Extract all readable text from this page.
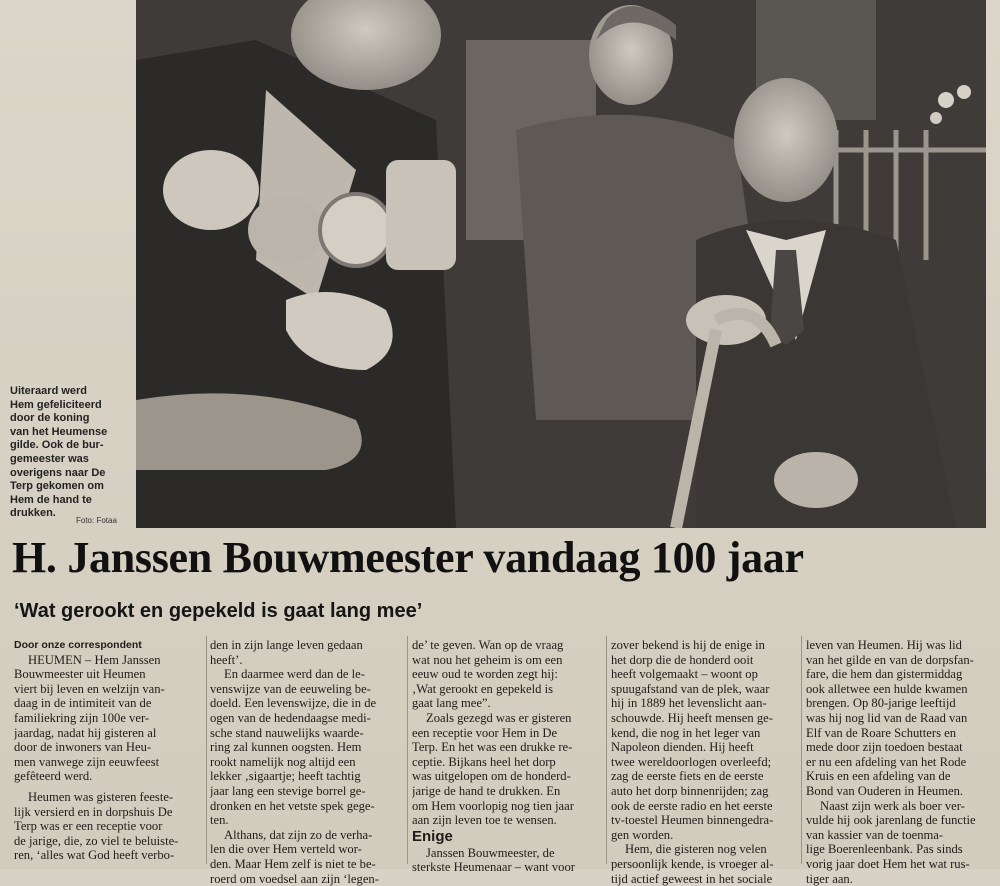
Uiteraard werd
Hem gefeliciteerd
door de koning
van het Heumense
gilde. Ook de bur-
gemeester was
overigens naar De
Terp gekomen om
Hem de hand te
drukken.
Foto: Fotaa
H. Janssen Bouwmeester vandaag 100 jaar
‘Wat gerookt en gepekeld is gaat lang mee’
Door onze correspondent
HEUMEN – Hem Janssen
Bouwmeester uit Heumen
viert bij leven en welzijn van-
daag in de intimiteit van de
familiekring zijn 100e ver-
jaardag, nadat hij gisteren al
door de inwoners van Heu-
men vanwege zijn eeuwfeest
gefêteerd werd.
Heumen was gisteren feeste-
lijk versierd en in dorpshuis De
Terp was er een receptie voor
de jarige, die, zo viel te beluiste-
ren, ‘alles wat God heeft verbo-
den in zijn lange leven gedaan
heeft’.
En daarmee werd dan de le-
venswijze van de eeuweling be-
doeld. Een levenswijze, die in de
ogen van de hedendaagse medi-
sche stand nauwelijks waarde-
ring zal kunnen oogsten. Hem
rookt namelijk nog altijd een
lekker ‚sigaartje; heeft tachtig
jaar lang een stevige borrel ge-
dronken en het vetste spek gege-
ten.
Althans, dat zijn zo de verha-
len die over Hem verteld wor-
den. Maar Hem zelf is niet te be-
roerd om voedsel aan zijn ‘legen-
de’ te geven. Wan op de vraag
wat nou het geheim is om een
eeuw oud te worden zegt hij:
‚Wat gerookt en gepekeld is
gaat lang mee”.
Zoals gezegd was er gisteren
een receptie voor Hem in De
Terp. En het was een drukke re-
ceptie. Bijkans heel het dorp
was uitgelopen om de honderd-
jarige de hand te drukken. En
om Hem voorlopig nog tien jaar
aan zijn leven toe te wensen.
Enige
Janssen Bouwmeester, de
sterkste Heumenaar – want voor
zover bekend is hij de enige in
het dorp die de honderd ooit
heeft volgemaakt – woont op
spuugafstand van de plek, waar
hij in 1889 het levenslicht aan-
schouwde. Hij heeft mensen ge-
kend, die nog in het leger van
Napoleon dienden. Hij heeft
twee wereldoorlogen overleefd;
zag de eerste fiets en de eerste
auto het dorp binnenrijden; zag
ook de eerste radio en het eerste
tv-toestel Heumen binnengedra-
gen worden.
Hem, die gisteren nog velen
persoonlijk kende, is vroeger al-
tijd actief geweest in het sociale
leven van Heumen. Hij was lid
van het gilde en van de dorpsfan-
fare, die hem dan gistermiddag
ook alletwee een hulde kwamen
brengen. Op 80-jarige leeftijd
was hij nog lid van de Raad van
Elf van de Roare Schutters en
mede door zijn toedoen bestaat
er nu een afdeling van het Rode
Kruis en een afdeling van de
Bond van Ouderen in Heumen.
Naast zijn werk als boer ver-
vulde hij ook jarenlang de functie
van kassier van de toenma-
lige Boerenleenbank. Pas sinds
vorig jaar doet Hem het wat rus-
tiger aan.
